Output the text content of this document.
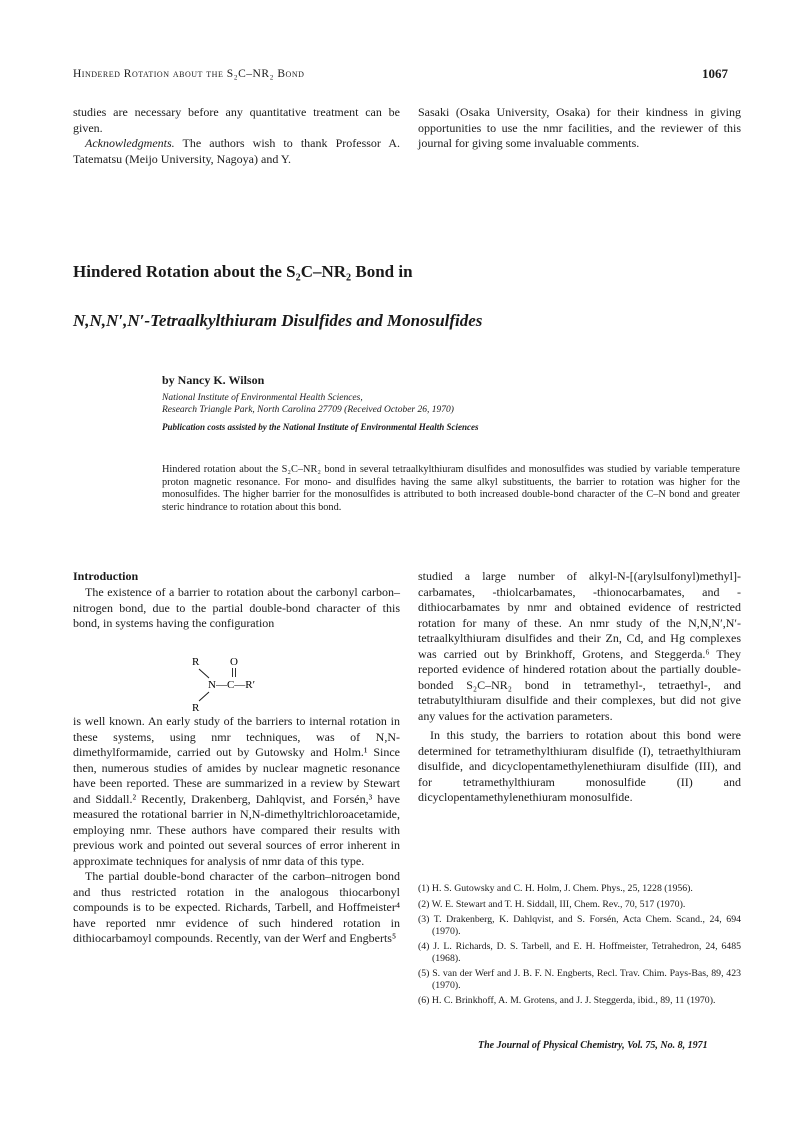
Hindered Rotation about the S₂C–NR₂ Bond	1067

studies are necessary before any quantitative treatment can be given.

Acknowledgments. The authors wish to thank Professor A. Tatematsu (Meijo University, Nagoya) and Y.

Sasaki (Osaka University, Osaka) for their kindness in giving opportunities to use the nmr facilities, and the reviewer of this journal for giving some invaluable comments.

Hindered Rotation about the S₂C–NR₂ Bond in
N,N,N′,N′-Tetraalkylthiuram Disulfides and Monosulfides
by Nancy K. Wilson
National Institute of Environmental Health Sciences,
Research Triangle Park, North Carolina 27709 (Received October 26, 1970)
Publication costs assisted by the National Institute of Environmental Health Sciences
Hindered rotation about the S₂C–NR₂ bond in several tetraalkylthiuram disulfides and monosulfides was studied by variable temperature proton magnetic resonance. For mono- and disulfides having the same alkyl substituents, the barrier to rotation was higher for the monosulfides. The higher barrier for the monosulfides is attributed to both increased double-bond character of the C–N bond and greater steric hindrance to rotation about this bond.
Introduction

The existence of a barrier to rotation about the carbonyl carbon–nitrogen bond, due to the partial double-bond character of this bond, in systems having the configuration

R	O
N—C—R′
R

is well known. An early study of the barriers to internal rotation in these systems, using nmr techniques, was of N,N-dimethylformamide, carried out by Gutowsky and Holm.¹ Since then, numerous studies of amides by nuclear magnetic resonance have been reported. These are summarized in a review by Stewart and Siddall.² Recently, Drakenberg, Dahlqvist, and Forsén,³ have measured the rotational barrier in N,N-dimethyltrichloroacetamide, employing nmr. These authors have compared their results with previous work and pointed out several sources of error inherent in approximate techniques for analysis of nmr data of this type.

The partial double-bond character of the carbon–nitrogen bond and thus restricted rotation in the analogous thiocarbonyl compounds is to be expected. Richards, Tarbell, and Hoffmeister⁴ have reported nmr evidence of such hindered rotation in dithiocarbamoyl compounds. Recently, van der Werf and Engberts⁵

studied a large number of alkyl-N-[(arylsulfonyl)methyl]-carbamates, -thiolcarbamates, -thionocarbamates, and -dithiocarbamates by nmr and obtained evidence of restricted rotation for many of these. An nmr study of the N,N,N′,N′-tetraalkylthiuram disulfides and their Zn, Cd, and Hg complexes was carried out by Brinkhoff, Grotens, and Steggerda.⁶ They reported evidence of hindered rotation about the partially double-bonded S₂C–NR₂ bond in tetramethyl-, tetraethyl-, and tetrabutylthiuram disulfide and their complexes, but did not give any values for the activation parameters.

In this study, the barriers to rotation about this bond were determined for tetramethylthiuram disulfide (I), tetraethylthiuram disulfide, and dicyclopentamethylenethiuram disulfide (III), and for tetramethylthiuram monosulfide (II) and dicyclopentamethylenethiuram monosulfide.

(1) H. S. Gutowsky and C. H. Holm, J. Chem. Phys., 25, 1228 (1956).
(2) W. E. Stewart and T. H. Siddall, III, Chem. Rev., 70, 517 (1970).
(3) T. Drakenberg, K. Dahlqvist, and S. Forsén, Acta Chem. Scand., 24, 694 (1970).
(4) J. L. Richards, D. S. Tarbell, and E. H. Hoffmeister, Tetrahedron, 24, 6485 (1968).
(5) S. van der Werf and J. B. F. N. Engberts, Recl. Trav. Chim. Pays-Bas, 89, 423 (1970).
(6) H. C. Brinkhoff, A. M. Grotens, and J. J. Steggerda, ibid., 89, 11 (1970).
The Journal of Physical Chemistry, Vol. 75, No. 8, 1971
